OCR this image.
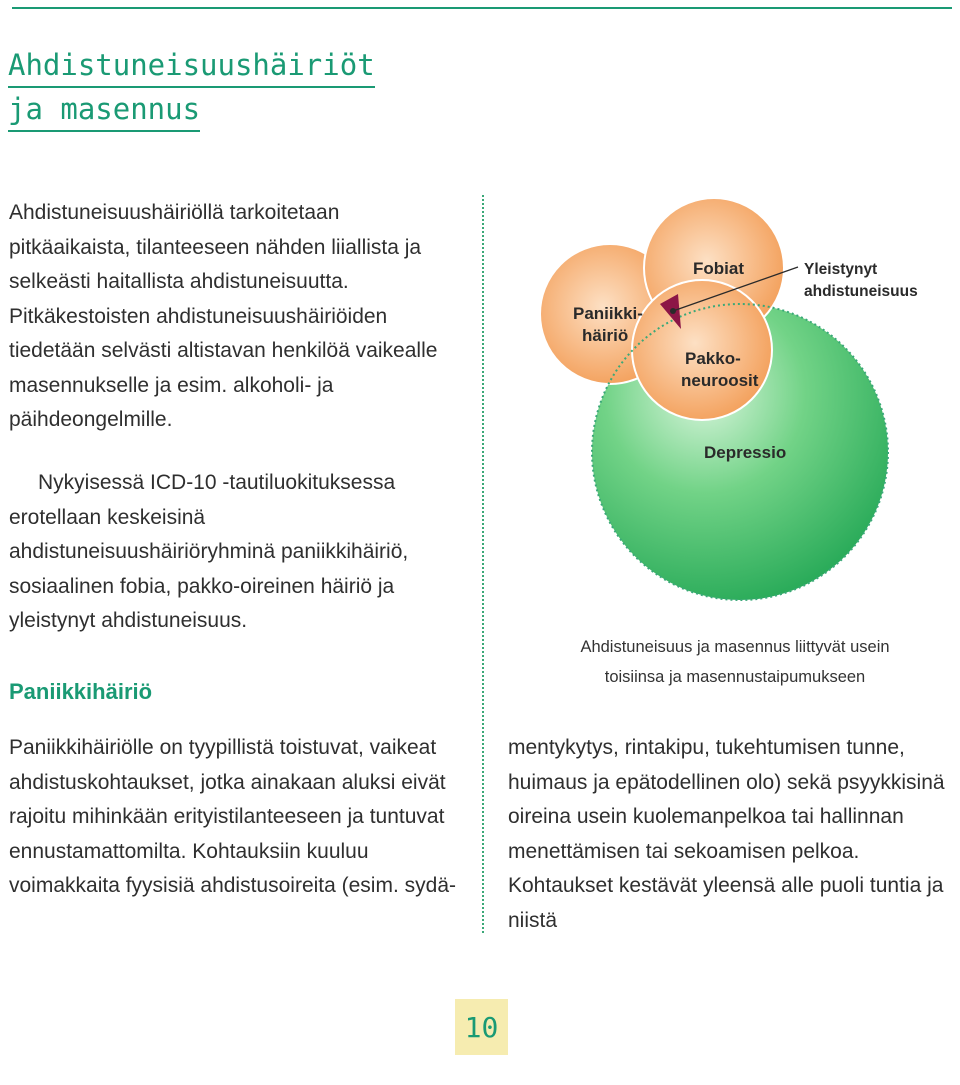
Ahdistuneisuushäiriöt
ja masennus

Ahdistuneisuushäiriöllä tarkoitetaan pitkäaikaista, tilanteeseen nähden liiallista ja selkeästi haitallista ahdistuneisuutta. Pitkäkestoisten ahdistuneisuushäiriöiden tiedetään selvästi altistavan henkilöä vaikealle masennukselle ja esim. alkoholi- ja päihdeongelmille.

Nykyisessä ICD-10 -tautiluokituksessa erotellaan keskeisinä ahdistuneisuushäiriöryhminä paniikkihäiriö, sosiaalinen fobia, pakko-oireinen häiriö ja yleistynyt ahdistuneisuus.

Paniikkihäiriö

Paniikkihäiriölle on tyypillistä toistuvat, vaikeat ahdistuskohtaukset, jotka ainakaan aluksi eivät rajoitu mihinkään erityistilanteeseen ja tuntuvat ennustamattomilta. Kohtauksiin kuuluu voimakkaita fyysisiä ahdistusoireita (esim. sydä-

mentykytys, rintakipu, tukehtumisen tunne, huimaus ja epätodellinen olo) sekä psyykkisinä oireina usein kuolemanpelkoa tai hallinnan menettämisen tai sekoamisen pelkoa. Kohtaukset kestävät yleensä alle puoli tuntia ja niistä

Paniikki-
häiriö
Fobiat
Pakko-
neuroosit
Depressio
Yleistynyt
ahdistuneisuus
Ahdistuneisuus ja masennus liittyvät usein
toisiinsa ja masennustaipumukseen
10
